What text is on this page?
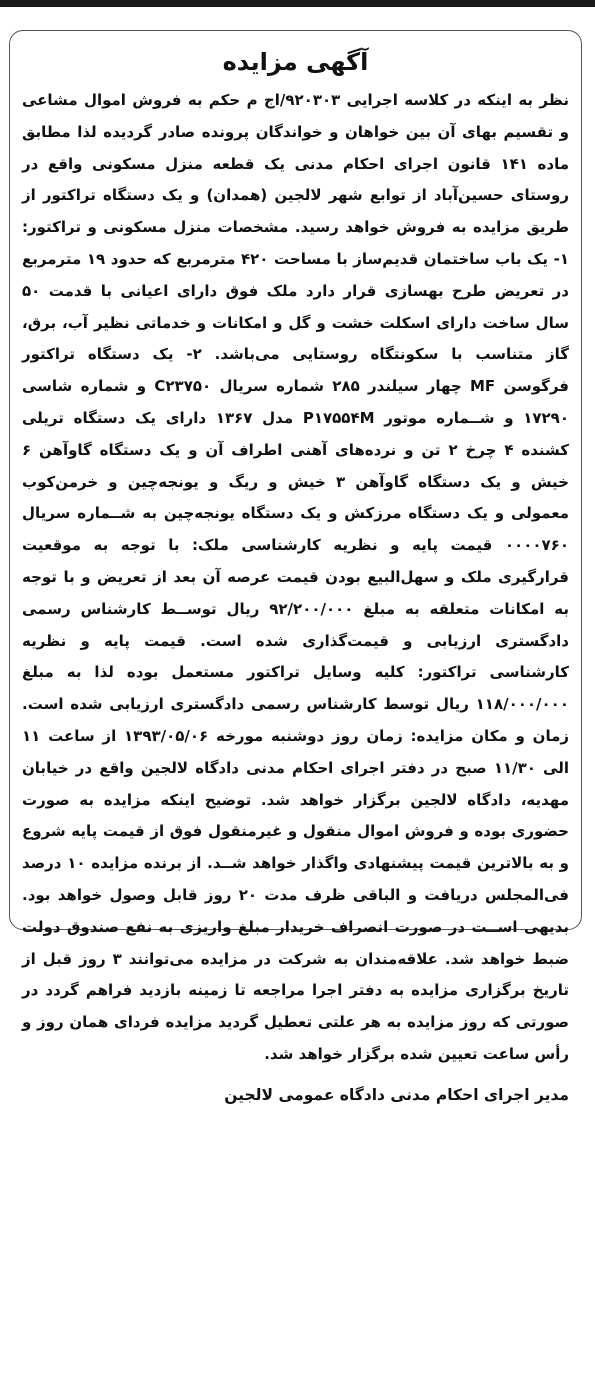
آگهی مزایده

نظر به اینکه در کلاسه اجرایی ۹۲۰۳۰۳/اج م حکم به فروش اموال مشاعی و تقسیم بهای آن بین خواهان و خواندگان پرونده صادر گردیده لذا مطابق ماده ۱۴۱ قانون اجرای احکام مدنی یک قطعه منزل مسکونی واقع در روستای حسین‌آباد از توابع شهر لالجین (همدان) و یک دستگاه تراکتور از طریق مزایده به فروش خواهد رسید. مشخصات منزل مسکونی و تراکتور: ۱- یک باب ساختمان قدیم‌ساز با مساحت ۴۲۰ مترمربع که حدود ۱۹ مترمربع در تعریض طرح بهسازی قرار دارد ملک فوق دارای اعیانی با قدمت ۵۰ سال ساخت دارای اسکلت خشت و گل و امکانات و خدماتی نظیر آب، برق، گاز متناسب با سکونتگاه روستایی می‌باشد. ۲- یک دستگاه تراکتور فرگوسن MF چهار سیلندر ۲۸۵ شماره سریال C۲۳۷۵۰ و شماره شاسی ۱۷۲۹۰ و شــماره موتور P۱۷۵۵۴M مدل ۱۳۶۷ دارای یک دستگاه تریلی کشنده ۴ چرخ ۲ تن و نرده‌های آهنی اطراف آن و یک دستگاه گاوآهن ۶ خیش و یک دستگاه گاوآهن ۳ خیش و ریگ و یونجه‌چین و خرمن‌کوب معمولی و یک دستگاه مرزکش و یک دستگاه یونجه‌چین به شــماره سریال ۰۰۰۰۷۶۰ قیمت پایه و نظریه کارشناسی ملک: با توجه به موقعیت قرارگیری ملک و سهل‌البیع بودن قیمت عرصه آن بعد از تعریض و با توجه به امکانات متعلقه به مبلغ ۹۲/۲۰۰/۰۰۰ ریال توســط کارشناس رسمی دادگستری ارزیابی و قیمت‌گذاری شده است. قیمت پایه و نظریه کارشناسی تراکتور: کلیه وسایل تراکتور مستعمل بوده لذا به مبلغ ۱۱۸/۰۰۰/۰۰۰ ریال توسط کارشناس رسمی دادگستری ارزیابی شده است. زمان و مکان مزایده: زمان روز دوشنبه مورخه ۱۳۹۳/۰۵/۰۶ از ساعت ۱۱ الی ۱۱/۳۰ صبح در دفتر اجرای احکام مدنی دادگاه لالجین واقع در خیابان مهدیه، دادگاه لالجین برگزار خواهد شد. توضیح اینکه مزایده به صورت حضوری بوده و فروش اموال منقول و غیرمنقول فوق از قیمت پایه شروع و به بالاترین قیمت پیشنهادی واگذار خواهد شــد. از برنده مزایده ۱۰ درصد فی‌المجلس دریافت و الباقی ظرف مدت ۲۰ روز قابل وصول خواهد بود. بدیهی اســت در صورت انصراف خریدار مبلغ واریزی به نفع صندوق دولت ضبط خواهد شد. علاقه‌مندان به شرکت در مزایده می‌توانند ۳ روز قبل از تاریخ برگزاری مزایده به دفتر اجرا مراجعه تا زمینه بازدید فراهم گردد در صورتی که روز مزایده به هر علتی تعطیل گردید مزایده فردای همان روز و رأس ساعت تعیین شده برگزار خواهد شد.

مدیر اجرای احکام مدنی دادگاه عمومی لالجین
